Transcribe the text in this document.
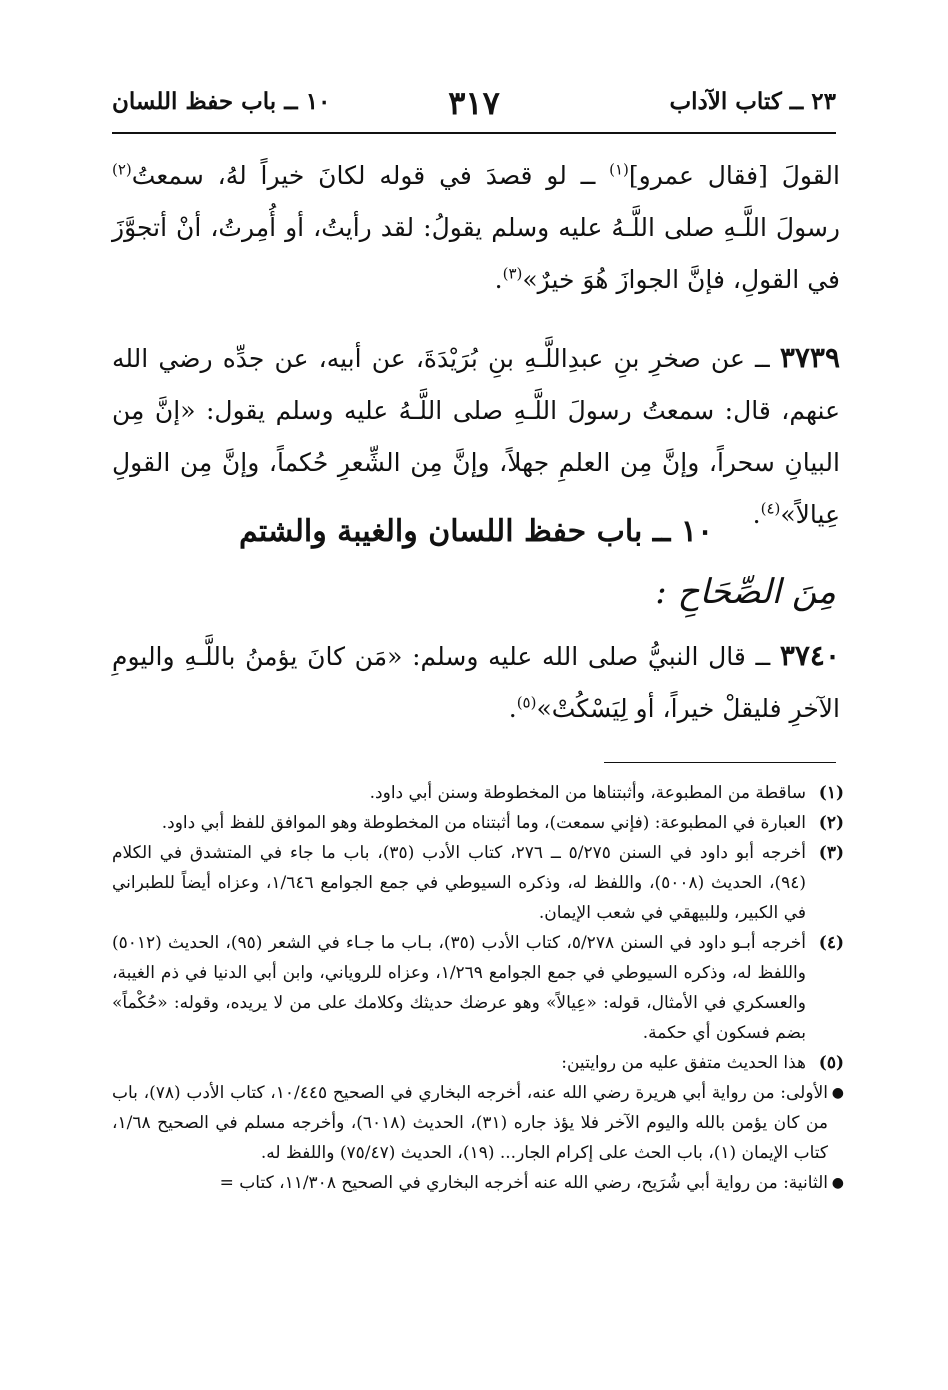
٢٣ ــ كتاب الآداب
٣١٧
١٠ ــ باب حفظ اللسان

القولَ [فقال عمرو]$^{(١)}$ ــ لو قصدَ في قوله لكانَ خيراً لهُ، سمعتُ$^{(٢)}$ رسولَ اللَّـهِ صلى اللَّـهُ عليه وسلم يقولُ: لقد رأيتُ، أو أُمِرتُ، أنْ أتجوَّزَ في القولِ، فإنَّ الجوازَ هُوَ خيرٌ»$^{(٣)}$.

٣٧٣٩ ــ عن صخرِ بنِ عبدِاللَّـهِ بنِ بُرَيْدَةَ، عن أبيه، عن جدِّه رضي الله عنهم، قال: سمعتُ رسولَ اللَّـهِ صلى اللَّـهُ عليه وسلم يقول: «إنَّ مِن البيانِ سحراً، وإنَّ مِن العلمِ جهلاً، وإنَّ مِن الشِّعرِ حُكماً، وإنَّ مِن القولِ عِيالاً»$^{(٤)}$.

١٠ ــ باب حفظ اللسان والغيبة والشتم
مِنَ الصِّحَاحِ :

٣٧٤٠ ــ قال النبيُّ صلى الله عليه وسلم: «مَن كانَ يؤمنُ باللَّـهِ واليومِ الآخرِ فليقلْ خيراً، أو لِيَسْكُتْ»$^{(٥)}$.

(١)
ساقطة من المطبوعة، وأثبتناها من المخطوطة وسنن أبي داود.
(٢)
العبارة في المطبوعة: (فإني سمعت)، وما أثبتناه من المخطوطة وهو الموافق للفظ أبي داود.
(٣)
أخرجه أبو داود في السنن ٥/٢٧٥ ــ ٢٧٦، كتاب الأدب (٣٥)، باب ما جاء في المتشدق في الكلام (٩٤)، الحديث (٥٠٠٨)، واللفظ له، وذكره السيوطي في جمع الجوامع ١/٦٤٦، وعزاه أيضاً للطبراني في الكبير، وللبيهقي في شعب الإيمان.
(٤)
أخرجه أبـو داود في السنن ٥/٢٧٨، كتاب الأدب (٣٥)، بـاب ما جـاء في الشعر (٩٥)، الحديث (٥٠١٢) واللفظ له، وذكره السيوطي في جمع الجوامع ١/٢٦٩، وعزاه للروياني، وابن أبي الدنيا في ذم الغيبة، والعسكري في الأمثال، قوله: «عِيالاً» وهو عرضك حديثك وكلامك على من لا يريده، وقوله: «حُكْماً» بضم فسكون أي حكمة.
(٥)
هذا الحديث متفق عليه من روايتين:
●
الأولى: من رواية أبي هريرة رضي الله عنه، أخرجه البخاري في الصحيح ١٠/٤٤٥، كتاب الأدب (٧٨)، باب من كان يؤمن بالله واليوم الآخر فلا يؤذ جاره (٣١)، الحديث (٦٠١٨)، وأخرجه مسلم في الصحيح ١/٦٨، كتاب الإيمان (١)، باب الحث على إكرام الجار... (١٩)، الحديث (٧٥/٤٧) واللفظ له.
●
الثانية: من رواية أبي شُرَيح، رضي الله عنه أخرجه البخاري في الصحيح ١١/٣٠٨، كتاب =
